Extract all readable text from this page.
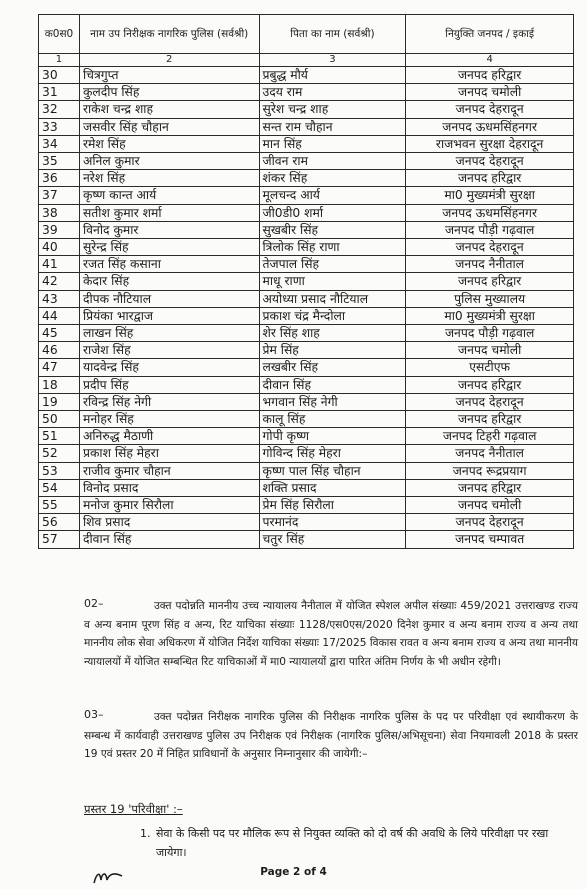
क0स0	नाम उप निरीक्षक नागरिक पुलिस (सर्वश्री)	पिता का नाम (सर्वश्री)	नियुक्ति जनपद / इकाई
1	2	3	4
30	चित्रगुप्त	प्रबुद्ध मौर्य	जनपद हरिद्वार
31	कुलदीप सिंह	उदय राम	जनपद चमोली
32	राकेश चन्द्र शाह	सुरेश चन्द्र शाह	जनपद देहरादून
33	जसवीर सिंह चौहान	सन्त राम चौहान	जनपद ऊधमसिंहनगर
34	रमेश सिंह	मान सिंह	राजभवन सुरक्षा देहरादून
35	अनिल कुमार	जीवन राम	जनपद देहरादून
36	नरेश सिंह	शंकर सिंह	जनपद हरिद्वार
37	कृष्ण कान्त आर्य	मूलचन्द आर्य	मा0 मुख्यमंत्री सुरक्षा
38	सतीश कुमार शर्मा	जी0डी0 शर्मा	जनपद ऊधमसिंहनगर
39	विनोद कुमार	सुखबीर सिंह	जनपद पौड़ी गढ़वाल
40	सुरेन्द्र सिंह	त्रिलोक सिंह राणा	जनपद देहरादून
41	रजत सिंह कसाना	तेजपाल सिंह	जनपद नैनीताल
42	केदार सिंह	माधू राणा	जनपद हरिद्वार
43	दीपक नौटियाल	अयोध्या प्रसाद नौटियाल	पुलिस मुख्यालय
44	प्रियंका भारद्वाज	प्रकाश चंद्र मैन्दोला	मा0 मुख्यमंत्री सुरक्षा
45	लाखन सिंह	शेर सिंह शाह	जनपद पौड़ी गढ़वाल
46	राजेश सिंह	प्रेम सिंह	जनपद चमोली
47	यादवेन्द्र सिंह	लखबीर सिंह	एसटीएफ
18	प्रदीप सिंह	दीवान सिंह	जनपद हरिद्वार
19	रविन्द्र सिंह नेगी	भगवान सिंह नेगी	जनपद देहरादून
50	मनोहर सिंह	कालू सिंह	जनपद हरिद्वार
51	अनिरुद्ध मैठाणी	गोपी कृष्ण	जनपद टिहरी गढ़वाल
52	प्रकाश सिंह मेहरा	गोविन्द सिंह मेहरा	जनपद नैनीताल
53	राजीव कुमार चौहान	कृष्ण पाल सिंह चौहान	जनपद रूद्रप्रयाग
54	विनोद प्रसाद	शक्ति प्रसाद	जनपद हरिद्वार
55	मनोज कुमार सिरौला	प्रेम सिंह सिरौला	जनपद चमोली
56	शिव प्रसाद	परमानंद	जनपद देहरादून
57	दीवान सिंह	चतुर सिंह	जनपद चम्पावत
02–	उक्त पदोन्नति माननीय उच्च न्यायालय नैनीताल में योजित स्पेशल अपील संख्याः 459/2021 उत्तराखण्ड राज्य व अन्य बनाम पूरण सिंह व अन्य, रिट याचिका संख्याः 1128/एस0एस/2020 दिनेश कुमार व अन्य बनाम राज्य व अन्य तथा माननीय लोक सेवा अधिकरण में योजित निर्देश याचिका संख्याः 17/2025 विकास रावत व अन्य बनाम राज्य व अन्य तथा माननीय न्यायालयों में योजित सम्बन्धित रिट याचिकाओं में मा0 न्यायालयों द्वारा पारित अंतिम निर्णय के भी अधीन रहेगी।
03–	उक्त पदोन्नत निरीक्षक नागरिक पुलिस की निरीक्षक नागरिक पुलिस के पद पर परिवीक्षा एवं स्थायीकरण के सम्बन्ध में कार्यवाही उत्तराखण्ड पुलिस उप निरीक्षक एवं निरीक्षक (नागरिक पुलिस/अभिसूचना) सेवा नियमावली 2018 के प्रस्तर 19 एवं प्रस्तर 20 में निहित प्राविधानों के अनुसार निम्नानुसार की जायेगी:–
प्रस्तर 19 'परिवीक्षा' :–
1. सेवा के किसी पद पर मौलिक रूप से नियुक्त व्यक्ति को दो वर्ष की अवधि के लिये परिवीक्षा पर रखा जायेगा।
Page 2 of 4
